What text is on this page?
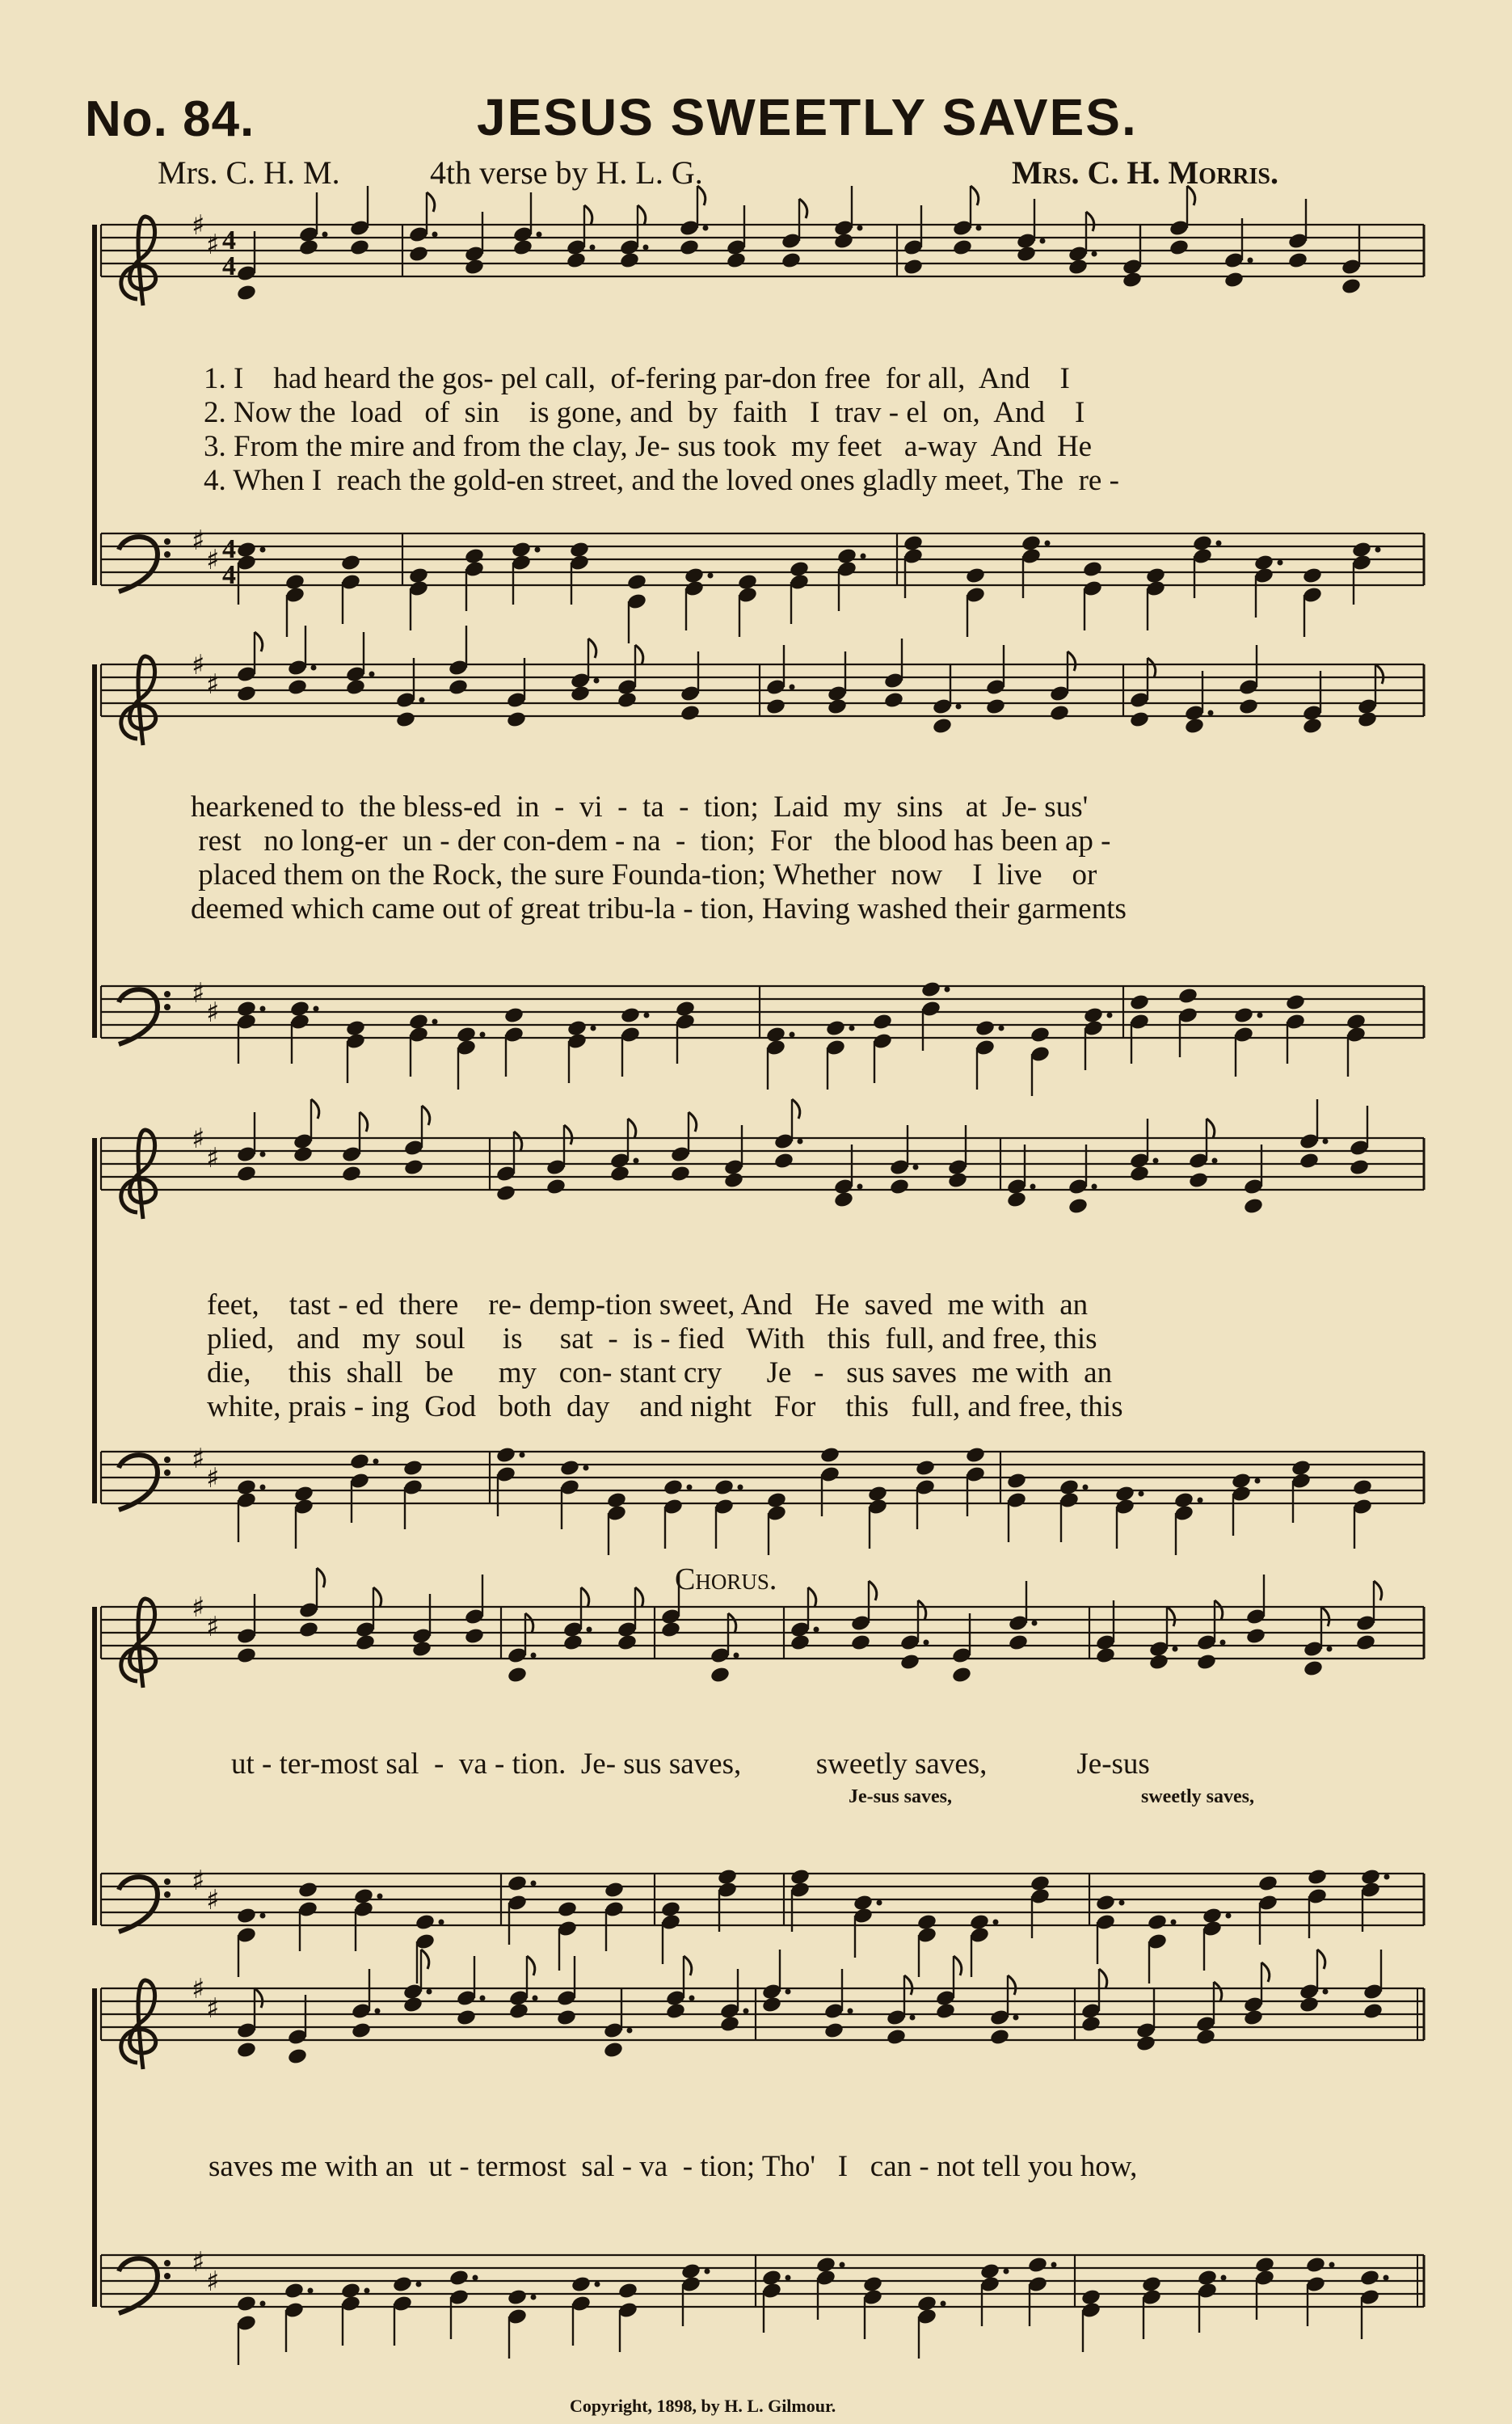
No. 84.	JESUS SWEETLY SAVES.
Mrs. C. H. M.	4th verse by H. L. G.	Mrs. C. H. Morris.
♯
♯
♯
♯
4
4
4
4
♯
♯
♯
♯
♯
♯
♯
♯
♯
♯
♯
♯
♯
♯
♯
♯
1. I    had heard the gos- pel call,  of-fering par-don free  for all,  And    I
2. Now the  load   of  sin    is gone, and  by  faith   I  trav - el  on,  And    I
3. From the mire and from the clay, Je- sus took  my feet   a-way  And  He
4. When I  reach the gold-en street, and the loved ones gladly meet, The  re -
hearkened to  the bless-ed  in  -  vi  -  ta  -  tion;  Laid  my  sins   at  Je- sus'
rest   no long-er  un - der con-dem - na  -  tion;  For   the blood has been ap -
placed them on the Rock, the sure Founda-tion; Whether  now    I  live    or
deemed which came out of great tribu-la - tion, Having washed their garments
feet,    tast - ed  there    re- demp-tion sweet, And   He  saved  me with  an
plied,   and   my  soul     is     sat  -  is - fied   With   this  full, and free, this
die,     this  shall   be      my   con- stant cry      Je   -   sus saves  me with  an
white, prais - ing  God   both  day    and night   For    this   full, and free, this
Chorus.
ut - ter-most sal  -  va - tion.  Je- sus saves,          sweetly saves,            Je-sus
Je-sus saves,	sweetly saves,
saves me with an  ut - termost  sal - va  - tion; Tho'   I   can - not tell you how,
Copyright, 1898, by H. L. Gilmour.
